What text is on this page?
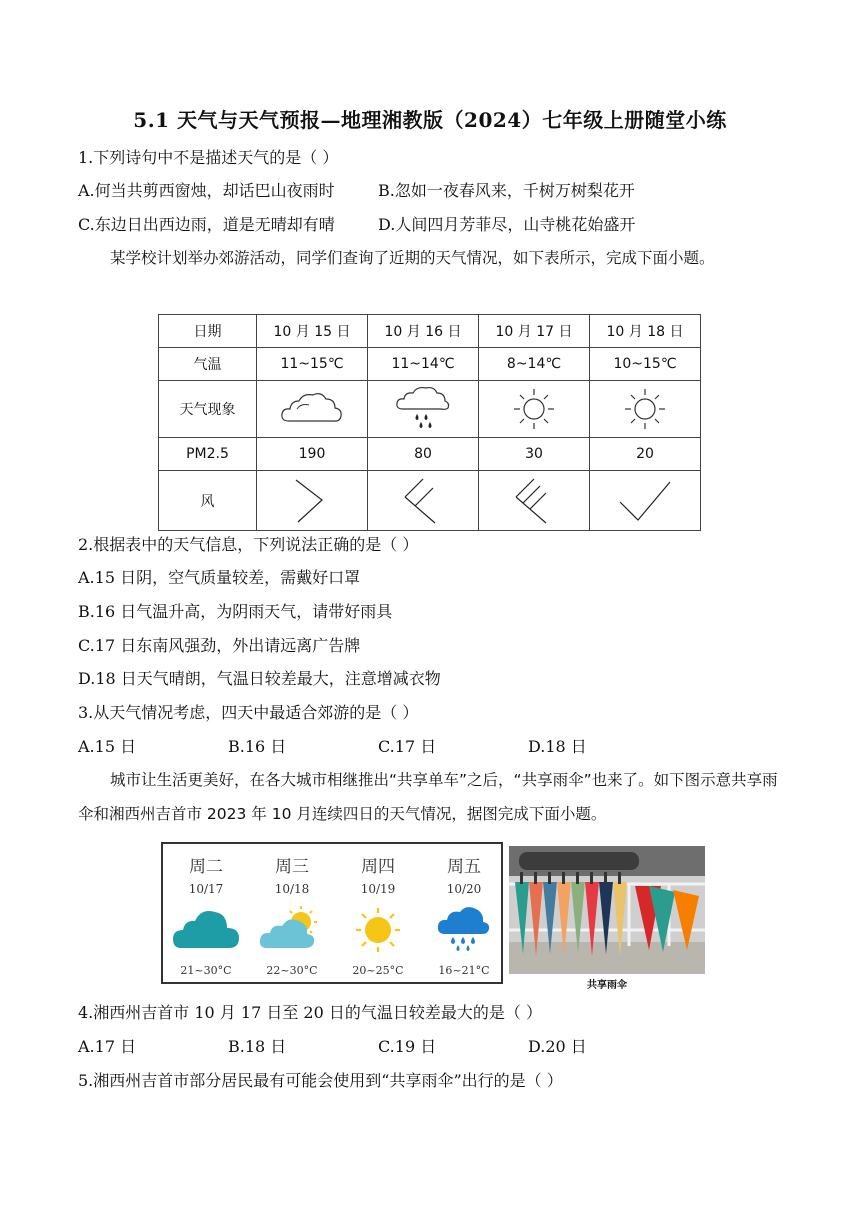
5.1 天气与天气预报—地理湘教版（2024）七年级上册随堂小练
1.下列诗句中不是描述天气的是（ ）
A.何当共剪西窗烛，却话巴山夜雨时	B.忽如一夜春风来，千树万树梨花开
C.东边日出西边雨，道是无晴却有晴	D.人间四月芳菲尽，山寺桃花始盛开
某学校计划举办郊游活动，同学们查询了近期的天气情况，如下表所示，完成下面小题。
日期	10 月 15 日	10 月 16 日	10 月 17 日	10 月 18 日
气温	11~15℃	11~14℃	8~14℃	10~15℃
天气现象	

PM2.5	190	80	30	20
风	

2.根据表中的天气信息，下列说法正确的是（ ）
A.15 日阴，空气质量较差，需戴好口罩
B.16 日气温升高，为阴雨天气，请带好雨具
C.17 日东南风强劲，外出请远离广告牌
D.18 日天气晴朗，气温日较差最大，注意增减衣物
3.从天气情况考虑，四天中最适合郊游的是（ ）
A.15 日	B.16 日	C.17 日	D.18 日
城市让生活更美好，在各大城市相继推出“共享单车”之后，“共享雨伞”也来了。如下图示意共享雨伞和湘西州吉首市 2023 年 10 月连续四日的天气情况，据图完成下面小题。
周二
10/17
21~30°C
周三
10/18
22~30°C
周四
10/19
20~25°C
周五
10/20
16~21°C
共享雨伞
4.湘西州吉首市 10 月 17 日至 20 日的气温日较差最大的是（ ）
A.17 日	B.18 日	C.19 日	D.20 日
5.湘西州吉首市部分居民最有可能会使用到“共享雨伞”出行的是（ ）
